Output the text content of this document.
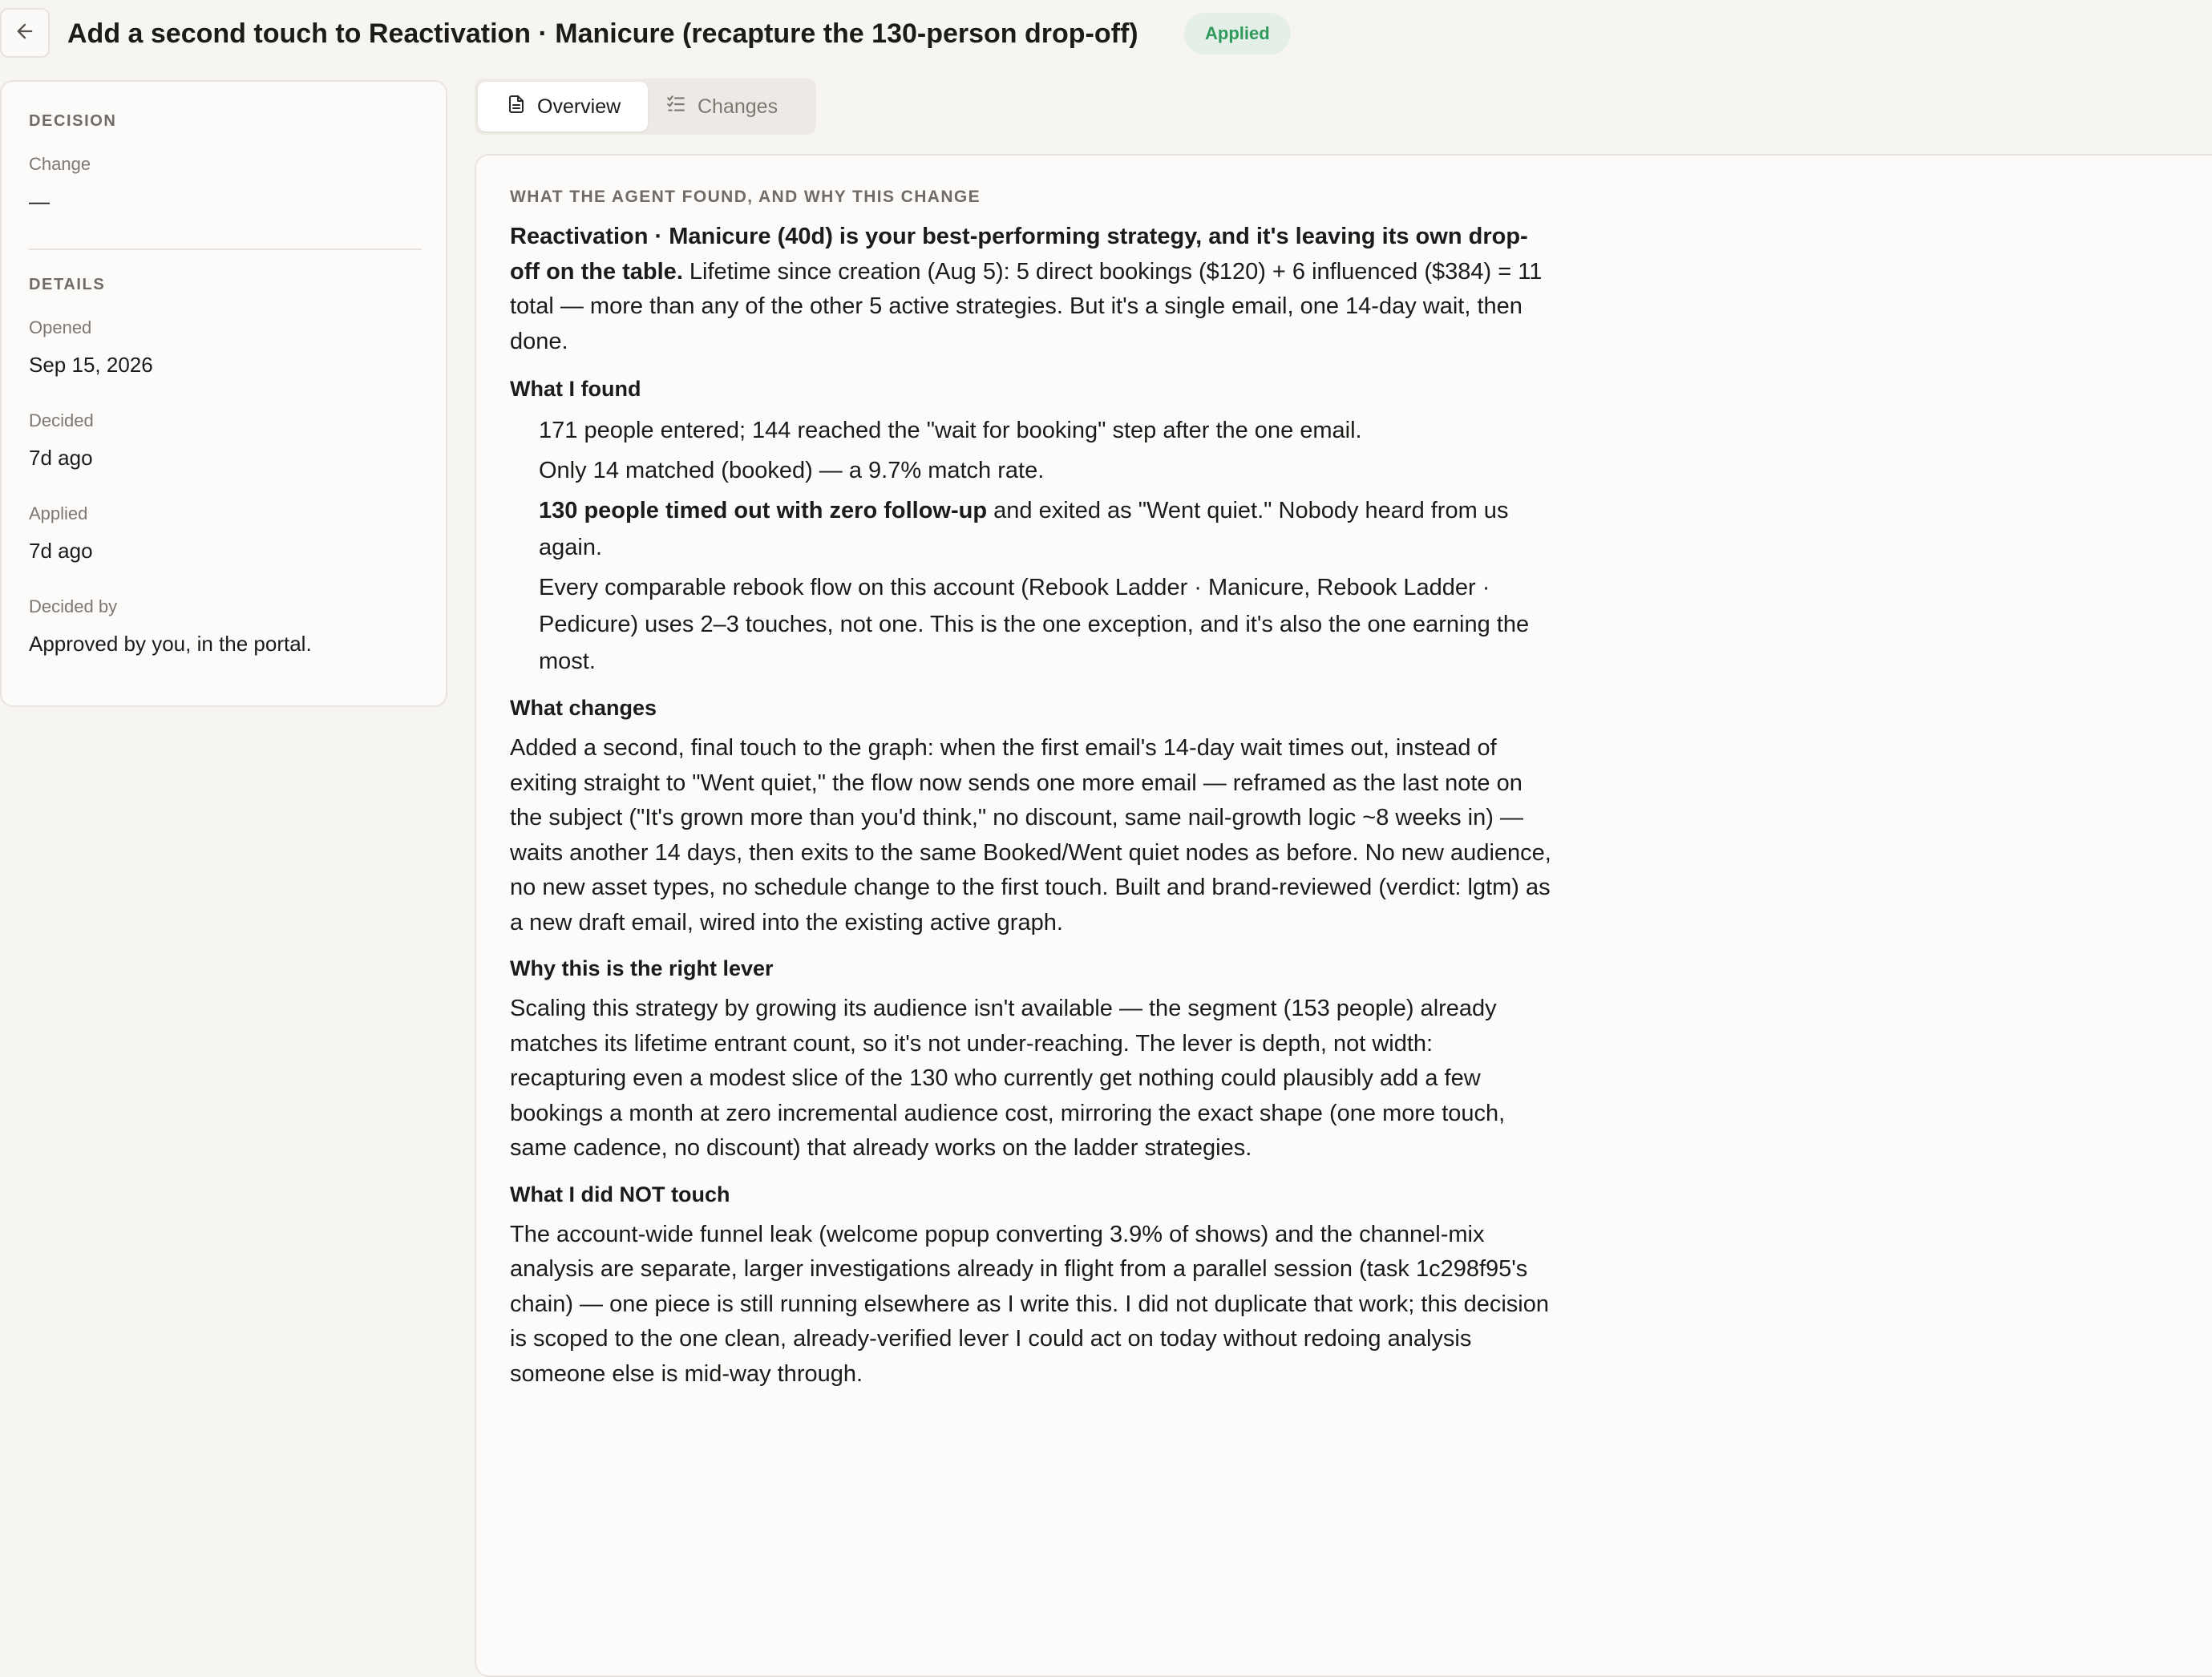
Add a second touch to Reactivation · Manicure (recapture the 130-person drop-off)	Applied
DECISION
Change
—
DETAILS
Opened
Sep 15, 2026
Decided
7d ago
Applied
7d ago
Decided by
Approved by you, in the portal.
Overview	Changes
WHAT THE AGENT FOUND, AND WHY THIS CHANGE

Reactivation · Manicure (40d) is your best-performing strategy, and it's leaving its own drop-off on the table. Lifetime since creation (Aug 5): 5 direct bookings ($120) + 6 influenced ($384) = 11 total — more than any of the other 5 active strategies. But it's a single email, one 14-day wait, then done.

What I found
171 people entered; 144 reached the "wait for booking" step after the one email.
Only 14 matched (booked) — a 9.7% match rate.
130 people timed out with zero follow-up and exited as "Went quiet." Nobody heard from us again.
Every comparable rebook flow on this account (Rebook Ladder · Manicure, Rebook Ladder · Pedicure) uses 2–3 touches, not one. This is the one exception, and it's also the one earning the most.
What changes

Added a second, final touch to the graph: when the first email's 14-day wait times out, instead of exiting straight to "Went quiet," the flow now sends one more email — reframed as the last note on the subject ("It's grown more than you'd think," no discount, same nail-growth logic ~8 weeks in) — waits another 14 days, then exits to the same Booked/Went quiet nodes as before. No new audience, no new asset types, no schedule change to the first touch. Built and brand-reviewed (verdict: lgtm) as a new draft email, wired into the existing active graph.

Why this is the right lever

Scaling this strategy by growing its audience isn't available — the segment (153 people) already matches its lifetime entrant count, so it's not under-reaching. The lever is depth, not width: recapturing even a modest slice of the 130 who currently get nothing could plausibly add a few bookings a month at zero incremental audience cost, mirroring the exact shape (one more touch, same cadence, no discount) that already works on the ladder strategies.

What I did NOT touch

The account-wide funnel leak (welcome popup converting 3.9% of shows) and the channel-mix analysis are separate, larger investigations already in flight from a parallel session (task 1c298f95's chain) — one piece is still running elsewhere as I write this. I did not duplicate that work; this decision is scoped to the one clean, already-verified lever I could act on today without redoing analysis someone else is mid-way through.
